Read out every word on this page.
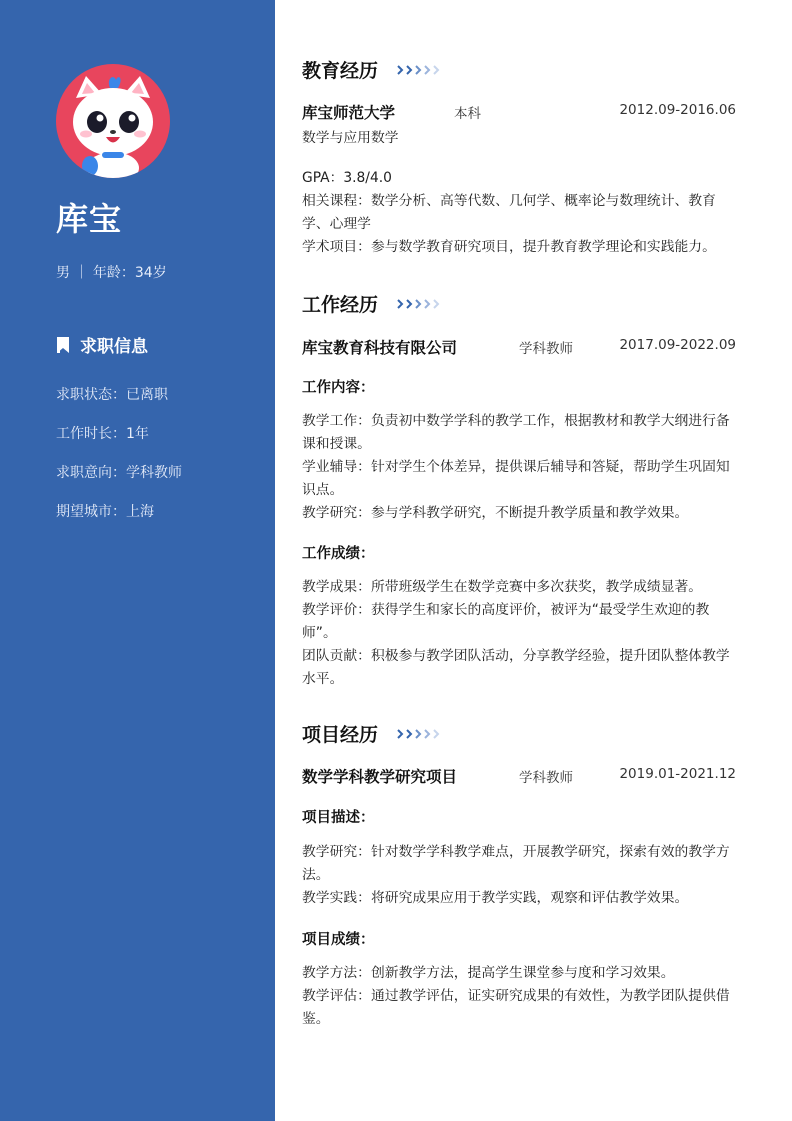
库宝
男 ｜ 年龄：34岁
求职信息
求职状态：已离职
工作时长：1年
求职意向：学科教师
期望城市：上海
教育经历
库宝师范大学	本科	2012.09-2016.06
数学与应用数学
GPA：3.8/4.0
相关课程：数学分析、高等代数、几何学、概率论与数理统计、教育学、心理学
学术项目：参与数学教育研究项目，提升教育教学理论和实践能力。
工作经历
库宝教育科技有限公司	学科教师	2017.09-2022.09
工作内容：
教学工作：负责初中数学学科的教学工作，根据教材和教学大纲进行备课和授课。
学业辅导：针对学生个体差异，提供课后辅导和答疑，帮助学生巩固知识点。
教学研究：参与学科教学研究，不断提升教学质量和教学效果。
工作成绩：
教学成果：所带班级学生在数学竞赛中多次获奖，教学成绩显著。
教学评价：获得学生和家长的高度评价，被评为“最受学生欢迎的教师”。
团队贡献：积极参与教学团队活动，分享教学经验，提升团队整体教学水平。
项目经历
数学学科教学研究项目	学科教师	2019.01-2021.12
项目描述：
教学研究：针对数学学科教学难点，开展教学研究，探索有效的教学方法。
教学实践：将研究成果应用于教学实践，观察和评估教学效果。
项目成绩：
教学方法：创新教学方法，提高学生课堂参与度和学习效果。
教学评估：通过教学评估，证实研究成果的有效性，为教学团队提供借鉴。
